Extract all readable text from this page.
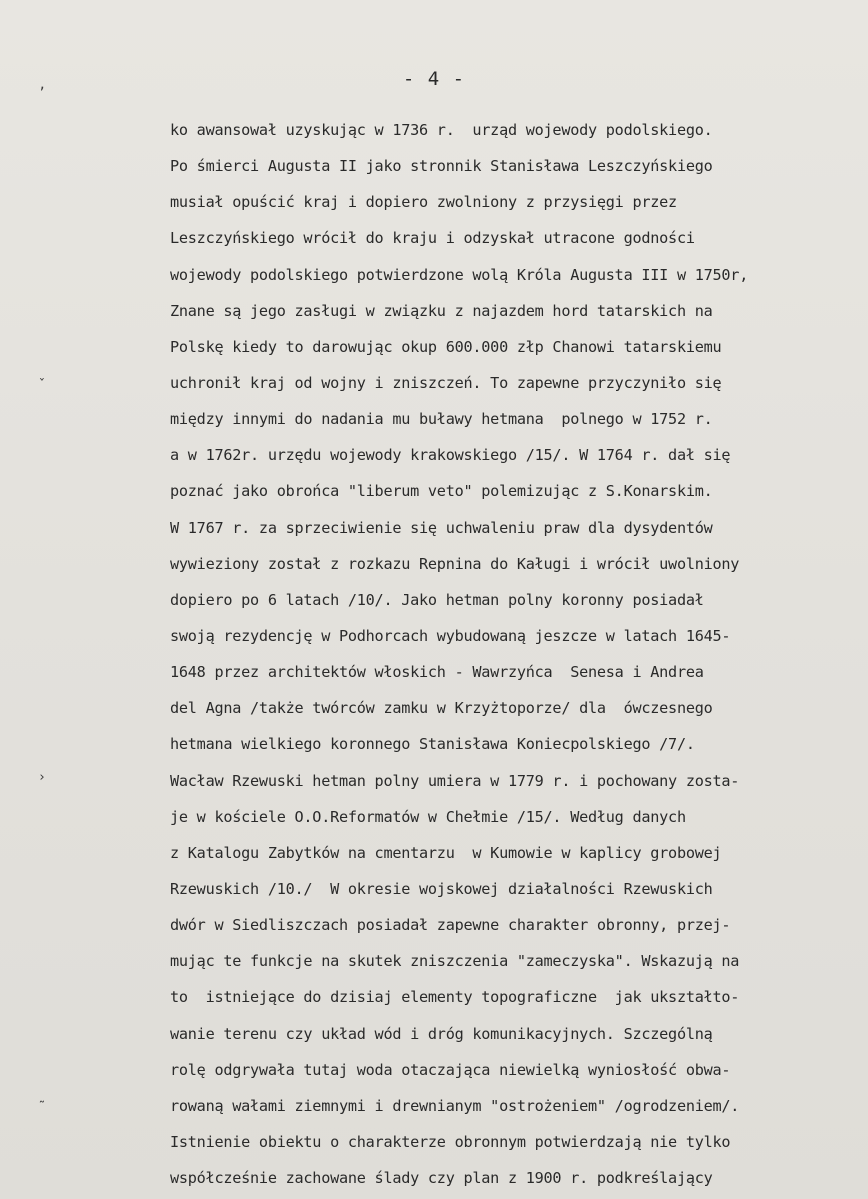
- 4 -
ʼ
ˇ
›
˜
ko awansował uzyskując w 1736 r.  urząd wojewody podolskiego.
Po śmierci Augusta II jako stronnik Stanisława Leszczyńskiego
musiał opuścić kraj i dopiero zwolniony z przysięgi przez
Leszczyńskiego wrócił do kraju i odzyskał utracone godności
wojewody podolskiego potwierdzone wolą Króla Augusta III w 1750r,
Znane są jego zasługi w związku z najazdem hord tatarskich na
Polskę kiedy to darowując okup 600.000 złp Chanowi tatarskiemu
uchronił kraj od wojny i zniszczeń. To zapewne przyczyniło się
między innymi do nadania mu buławy hetmana  polnego w 1752 r.
a w 1762r. urzędu wojewody krakowskiego /15/. W 1764 r. dał się
poznać jako obrońca "liberum veto" polemizując z S.Konarskim.
W 1767 r. za sprzeciwienie się uchwaleniu praw dla dysydentów
wywieziony został z rozkazu Repnina do Kaługi i wrócił uwolniony
dopiero po 6 latach /10/. Jako hetman polny koronny posiadał
swoją rezydencję w Podhorcach wybudowaną jeszcze w latach 1645-
1648 przez architektów włoskich - Wawrzyńca  Senesa i Andrea
del Agna /także twórców zamku w Krzyżtoporze/ dla  ówczesnego
hetmana wielkiego koronnego Stanisława Koniecpolskiego /7/.
Wacław Rzewuski hetman polny umiera w 1779 r. i pochowany zosta-
je w kościele O.O.Reformatów w Chełmie /15/. Według danych
z Katalogu Zabytków na cmentarzu  w Kumowie w kaplicy grobowej
Rzewuskich /10./  W okresie wojskowej działalności Rzewuskich
dwór w Siedliszczach posiadał zapewne charakter obronny, przej-
mując te funkcje na skutek zniszczenia "zameczyska". Wskazują na
to  istniejące do dzisiaj elementy topograficzne  jak ukształto-
wanie terenu czy układ wód i dróg komunikacyjnych. Szczególną
rolę odgrywała tutaj woda otaczająca niewielką wyniosłość obwa-
rowaną wałami ziemnymi i drewnianym "ostrożeniem" /ogrodzeniem/.
Istnienie obiektu o charakterze obronnym potwierdzają nie tylko
współcześnie zachowane ślady czy plan z 1900 r. podkreślający
